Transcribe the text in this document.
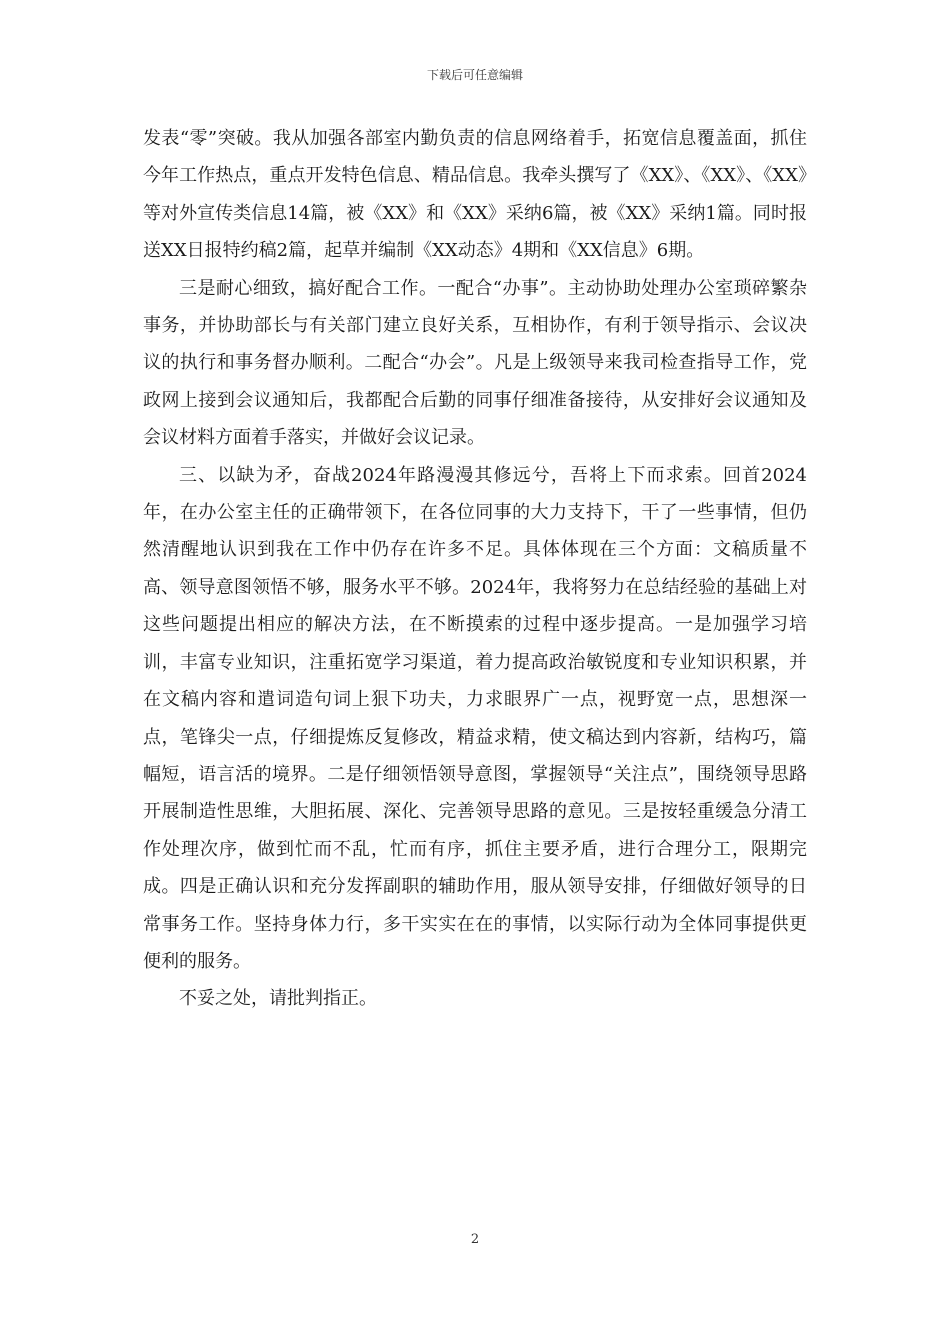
下载后可任意编辑

发表“零”突破。我从加强各部室内勤负责的信息网络着手，拓宽信息覆盖面，抓住今年工作热点，重点开发特色信息、精品信息。我牵头撰写了《XX》、《XX》、《XX》等对外宣传类信息14篇，被《XX》和《XX》采纳6篇，被《XX》采纳1篇。同时报送XX日报特约稿2篇，起草并编制《XX动态》4期和《XX信息》6期。

三是耐心细致，搞好配合工作。一配合“办事”。主动协助处理办公室琐碎繁杂事务，并协助部长与有关部门建立良好关系，互相协作，有利于领导指示、会议决议的执行和事务督办顺利。二配合“办会”。凡是上级领导来我司检查指导工作，党政网上接到会议通知后，我都配合后勤的同事仔细准备接待，从安排好会议通知及会议材料方面着手落实，并做好会议记录。

三、以缺为矛，奋战2024年路漫漫其修远兮，吾将上下而求索。回首2024年，在办公室主任的正确带领下，在各位同事的大力支持下，干了一些事情，但仍然清醒地认识到我在工作中仍存在许多不足。具体体现在三个方面：文稿质量不高、领导意图领悟不够，服务水平不够。2024年，我将努力在总结经验的基础上对这些问题提出相应的解决方法，在不断摸索的过程中逐步提高。一是加强学习培训，丰富专业知识，注重拓宽学习渠道，着力提高政治敏锐度和专业知识积累，并在文稿内容和遣词造句词上狠下功夫，力求眼界广一点，视野宽一点，思想深一点，笔锋尖一点，仔细提炼反复修改，精益求精，使文稿达到内容新，结构巧，篇幅短，语言活的境界。二是仔细领悟领导意图，掌握领导“关注点”，围绕领导思路开展制造性思维，大胆拓展、深化、完善领导思路的意见。三是按轻重缓急分清工作处理次序，做到忙而不乱，忙而有序，抓住主要矛盾，进行合理分工，限期完成。四是正确认识和充分发挥副职的辅助作用，服从领导安排，仔细做好领导的日常事务工作。坚持身体力行，多干实实在在的事情，以实际行动为全体同事提供更便利的服务。

不妥之处，请批判指正。

2
